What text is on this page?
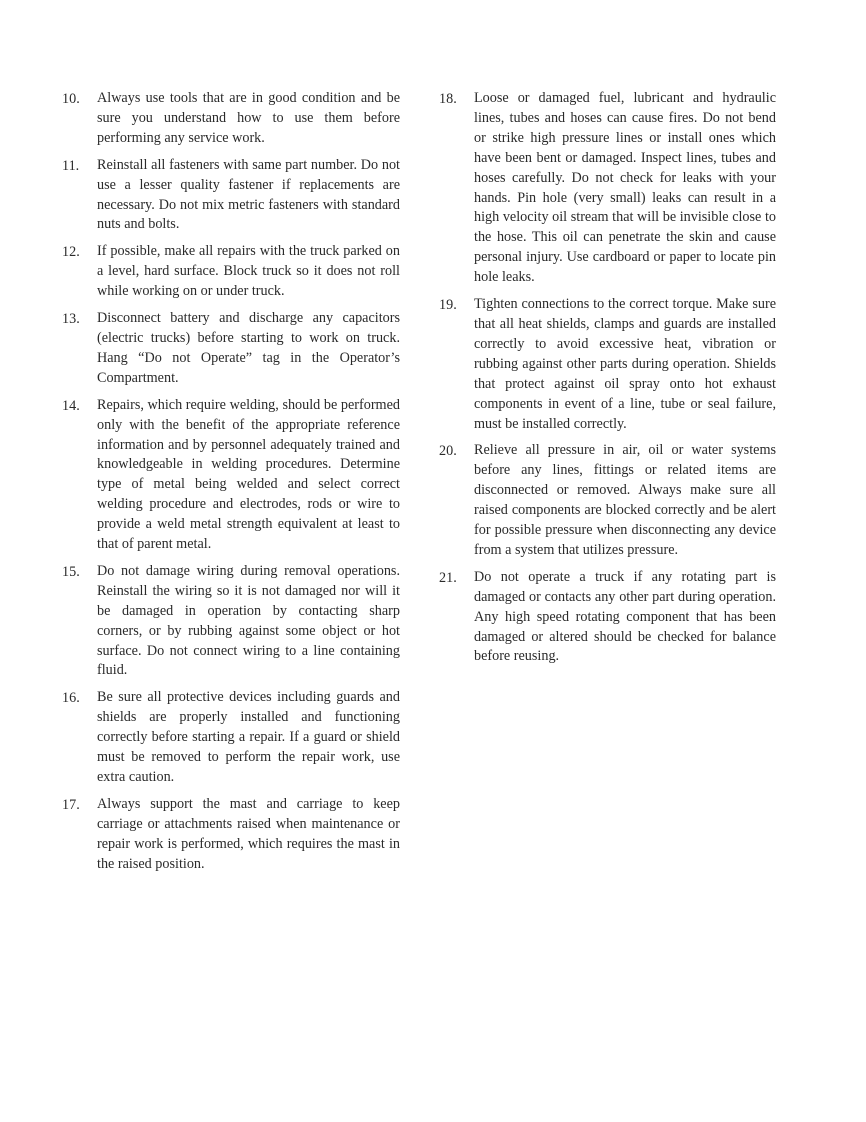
10.	Always use tools that are in good condition and be sure you understand how to use them before performing any service work.
11.	Reinstall all fasteners with same part number. Do not use a lesser quality fastener if replacements are necessary. Do not mix metric fasteners with standard nuts and bolts.
12.	If possible, make all repairs with the truck parked on a level, hard surface. Block truck so it does not roll while working on or under truck.
13.	Disconnect battery and discharge any capacitors (electric trucks) before starting to work on truck. Hang “Do not Operate” tag in the Operator’s Compartment.
14.	Repairs, which require welding, should be performed only with the benefit of the appropriate reference information and by personnel adequately trained and knowledgeable in welding procedures. Determine type of metal being welded and select correct welding procedure and electrodes, rods or wire to provide a weld metal strength equivalent at least to that of parent metal.
15.	Do not damage wiring during removal operations. Reinstall the wiring so it is not damaged nor will it be damaged in operation by contacting sharp corners, or by rubbing against some object or hot surface. Do not connect wiring to a line containing fluid.
16.	Be sure all protective devices including guards and shields are properly installed and functioning correctly before starting a repair. If a guard or shield must be removed to perform the repair work, use extra caution.
17.	Always support the mast and carriage to keep carriage or attachments raised when maintenance or repair work is performed, which requires the mast in the raised position.
18.	Loose or damaged fuel, lubricant and hydraulic lines, tubes and hoses can cause fires. Do not bend or strike high pressure lines or install ones which have been bent or damaged. Inspect lines, tubes and hoses carefully. Do not check for leaks with your hands. Pin hole (very small) leaks can result in a high velocity oil stream that will be invisible close to the hose. This oil can penetrate the skin and cause personal injury. Use cardboard or paper to locate pin hole leaks.
19.	Tighten connections to the correct torque. Make sure that all heat shields, clamps and guards are installed correctly to avoid excessive heat, vibration or rubbing against other parts during operation. Shields that protect against oil spray onto hot exhaust components in event of a line, tube or seal failure, must be installed correctly.
20.	Relieve all pressure in air, oil or water systems before any lines, fittings or related items are disconnected or removed. Always make sure all raised components are blocked correctly and be alert for possible pressure when disconnecting any device from a system that utilizes pressure.
21.	Do not operate a truck if any rotating part is damaged or contacts any other part during operation. Any high speed rotating component that has been damaged or altered should be checked for balance before reusing.
